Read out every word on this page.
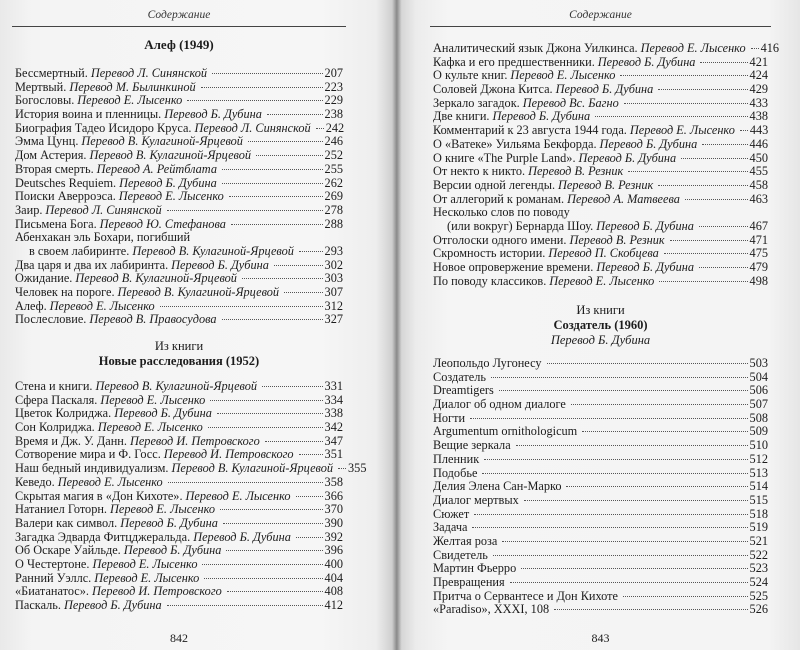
Содержание
Алеф (1949)
Бессмертный. Перевод Л. Синянской	207
Мертвый. Перевод М. Былинкиной	223
Богословы. Перевод Е. Лысенко	229
История воина и пленницы. Перевод Б. Дубина	238
Биография Тадео Исидоро Круса. Перевод Л. Синянской 242
Эмма Цунц. Перевод В. Кулагиной-Ярцевой	246
Дом Астерия. Перевод В. Кулагиной-Ярцевой	252
Вторая смерть. Перевод А. Рейтблата	255
Deutsches Requiem. Перевод Б. Дубина	262
Поиски Аверроэса. Перевод Е. Лысенко	269
Заир. Перевод Л. Синянской	278
Письмена Бога. Перевод Ю. Стефанова	288
Абенхакан эль Бохари, погибший
в своем лабиринте. Перевод В. Кулагиной-Ярцевой 293
Два царя и два их лабиринта. Перевод Б. Дубина	302
Ожидание. Перевод В. Кулагиной-Ярцевой	303
Человек на пороге. Перевод В. Кулагиной-Ярцевой	307
Алеф. Перевод Е. Лысенко	312
Послесловие. Перевод В. Правосудова	327
Из книги
Новые расследования (1952)
Стена и книги. Перевод В. Кулагиной-Ярцевой	331
Сфера Паскаля. Перевод Е. Лысенко	334
Цветок Колриджа. Перевод Б. Дубина	338
Сон Колриджа. Перевод Е. Лысенко	342
Время и Дж. У. Данн. Перевод И. Петровского	347
Сотворение мира и Ф. Госс. Перевод И. Петровского	351
Наш бедный индивидуализм. Перевод В. Кулагиной-Ярцевой 355
Кеведо. Перевод Е. Лысенко	358
Скрытая магия в «Дон Кихоте». Перевод Е. Лысенко	366
Натаниел Готорн. Перевод Е. Лысенко	370
Валери как символ. Перевод Б. Дубина	390
Загадка Эдварда Фитцджеральда. Перевод Б. Дубина	392
Об Оскаре Уайльде. Перевод Б. Дубина	396
О Честертоне. Перевод Е. Лысенко	400
Ранний Уэллс. Перевод Е. Лысенко	404
«Биатанатос». Перевод И. Петровского	408
Паскаль. Перевод Б. Дубина	412
842
Содержание
Аналитический язык Джона Уилкинса. Перевод Е. Лысенко 416
Кафка и его предшественники. Перевод Б. Дубина	421
О культе книг. Перевод Е. Лысенко	424
Соловей Джона Китса. Перевод Б. Дубина	429
Зеркало загадок. Перевод Вс. Багно	433
Две книги. Перевод Б. Дубина	438
Комментарий к 23 августа 1944 года. Перевод Е. Лысенко 443
О «Ватеке» Уильяма Бекфорда. Перевод Б. Дубина	446
О книге «The Purple Land». Перевод Б. Дубина	450
От некто к никто. Перевод В. Резник	455
Версии одной легенды. Перевод В. Резник	458
От аллегорий к романам. Перевод А. Матвеева	463
Несколько слов по поводу
(или вокруг) Бернарда Шоу. Перевод Б. Дубина	467
Отголоски одного имени. Перевод В. Резник	471
Скромность истории. Перевод П. Скобцева	475
Новое опровержение времени. Перевод Б. Дубина	479
По поводу классиков. Перевод Е. Лысенко	498
Из книги
Создатель (1960)
Перевод Б. Дубина
Леопольдо Лугонесу	503
Создатель	504
Dreamtigers	506
Диалог об одном диалоге	507
Ногти	508
Argumentum ornithologicum	509
Вещие зеркала	510
Пленник	512
Подобье	513
Делия Элена Сан-Марко	514
Диалог мертвых	515
Сюжет	518
Задача	519
Желтая роза	521
Свидетель	522
Мартин Фьерро	523
Превращения	524
Притча о Сервантесе и Дон Кихоте	525
«Paradiso», XXXI, 108	526
843
